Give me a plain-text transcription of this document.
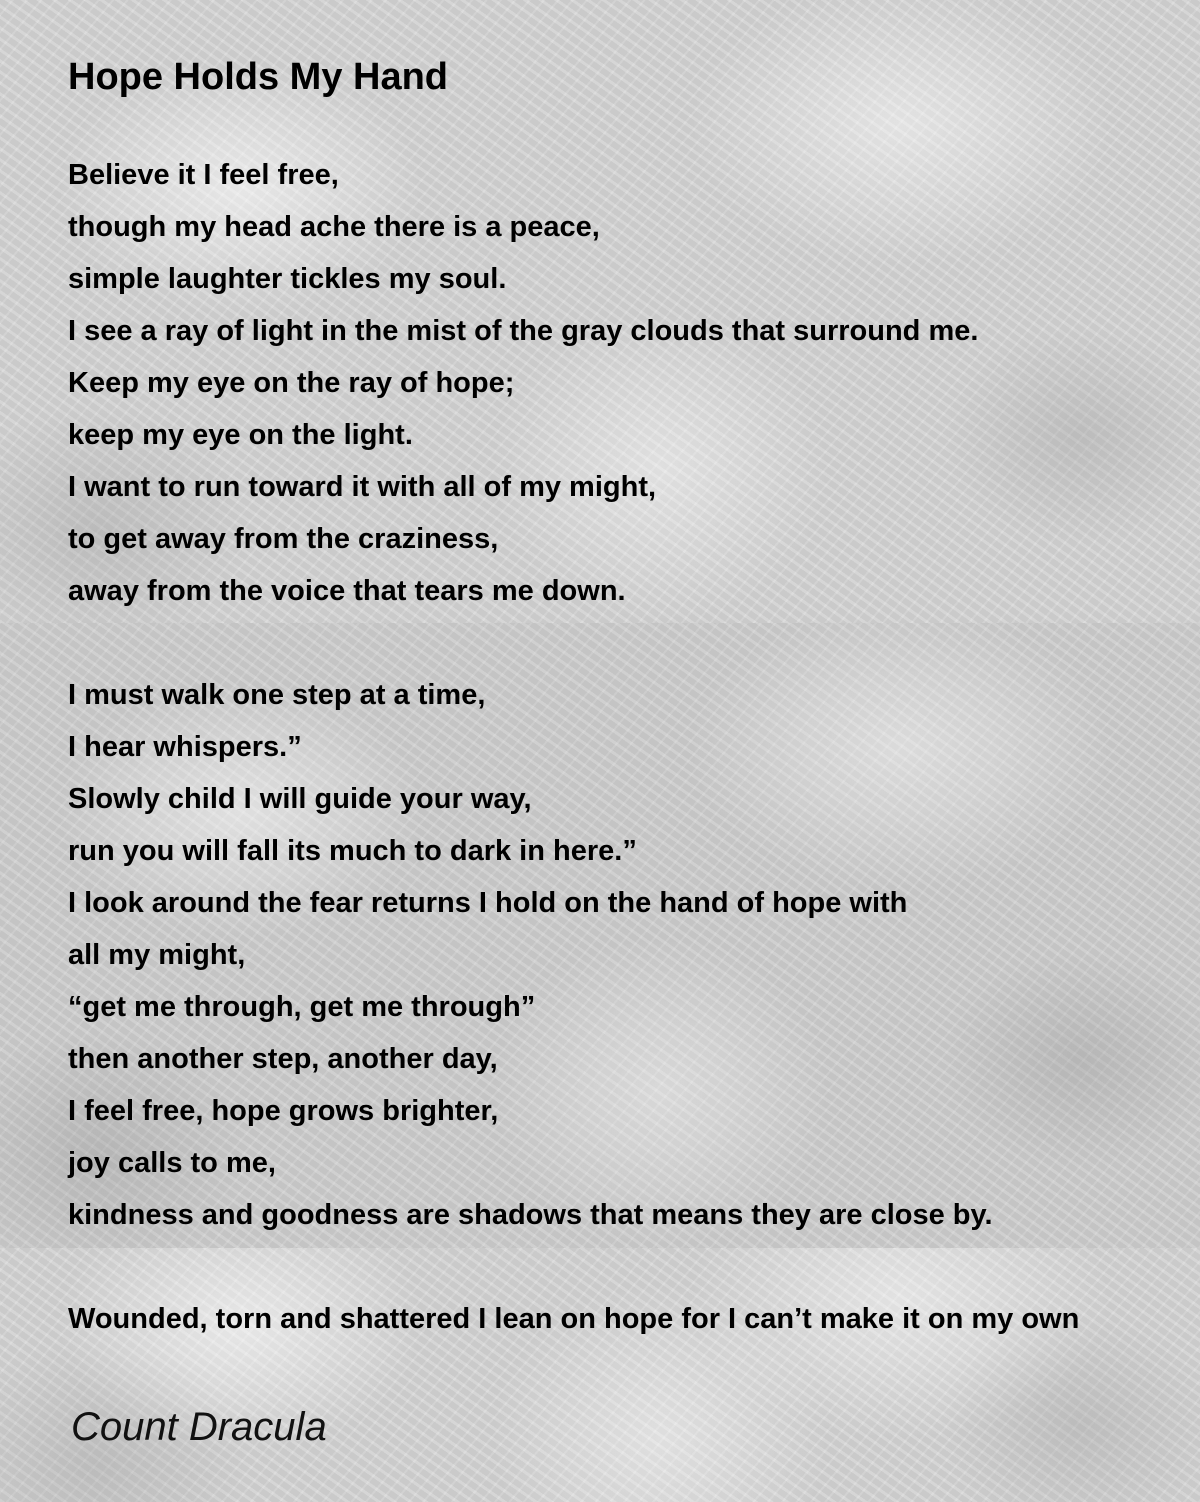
Hope Holds My Hand
Believe it I feel free,
though my head ache there is a peace,
simple laughter tickles my soul.
I see a ray of light in the mist of the gray clouds that surround me.
Keep my eye on the ray of hope;
keep my eye on the light.
I want to run toward it with all of my might,
to get away from the craziness,
away from the voice that tears me down.
I must walk one step at a time,
I hear whispers.”
Slowly child I will guide your way,
run you will fall its much to dark in here.”
I look around the fear returns I hold on the hand of hope with
all my might,
“get me through, get me through”
then another step, another day,
I feel free, hope grows brighter,
joy calls to me,
kindness and goodness are shadows that means they are close by.
Wounded, torn and shattered I lean on hope for I can’t make it on my own

Count Dracula
